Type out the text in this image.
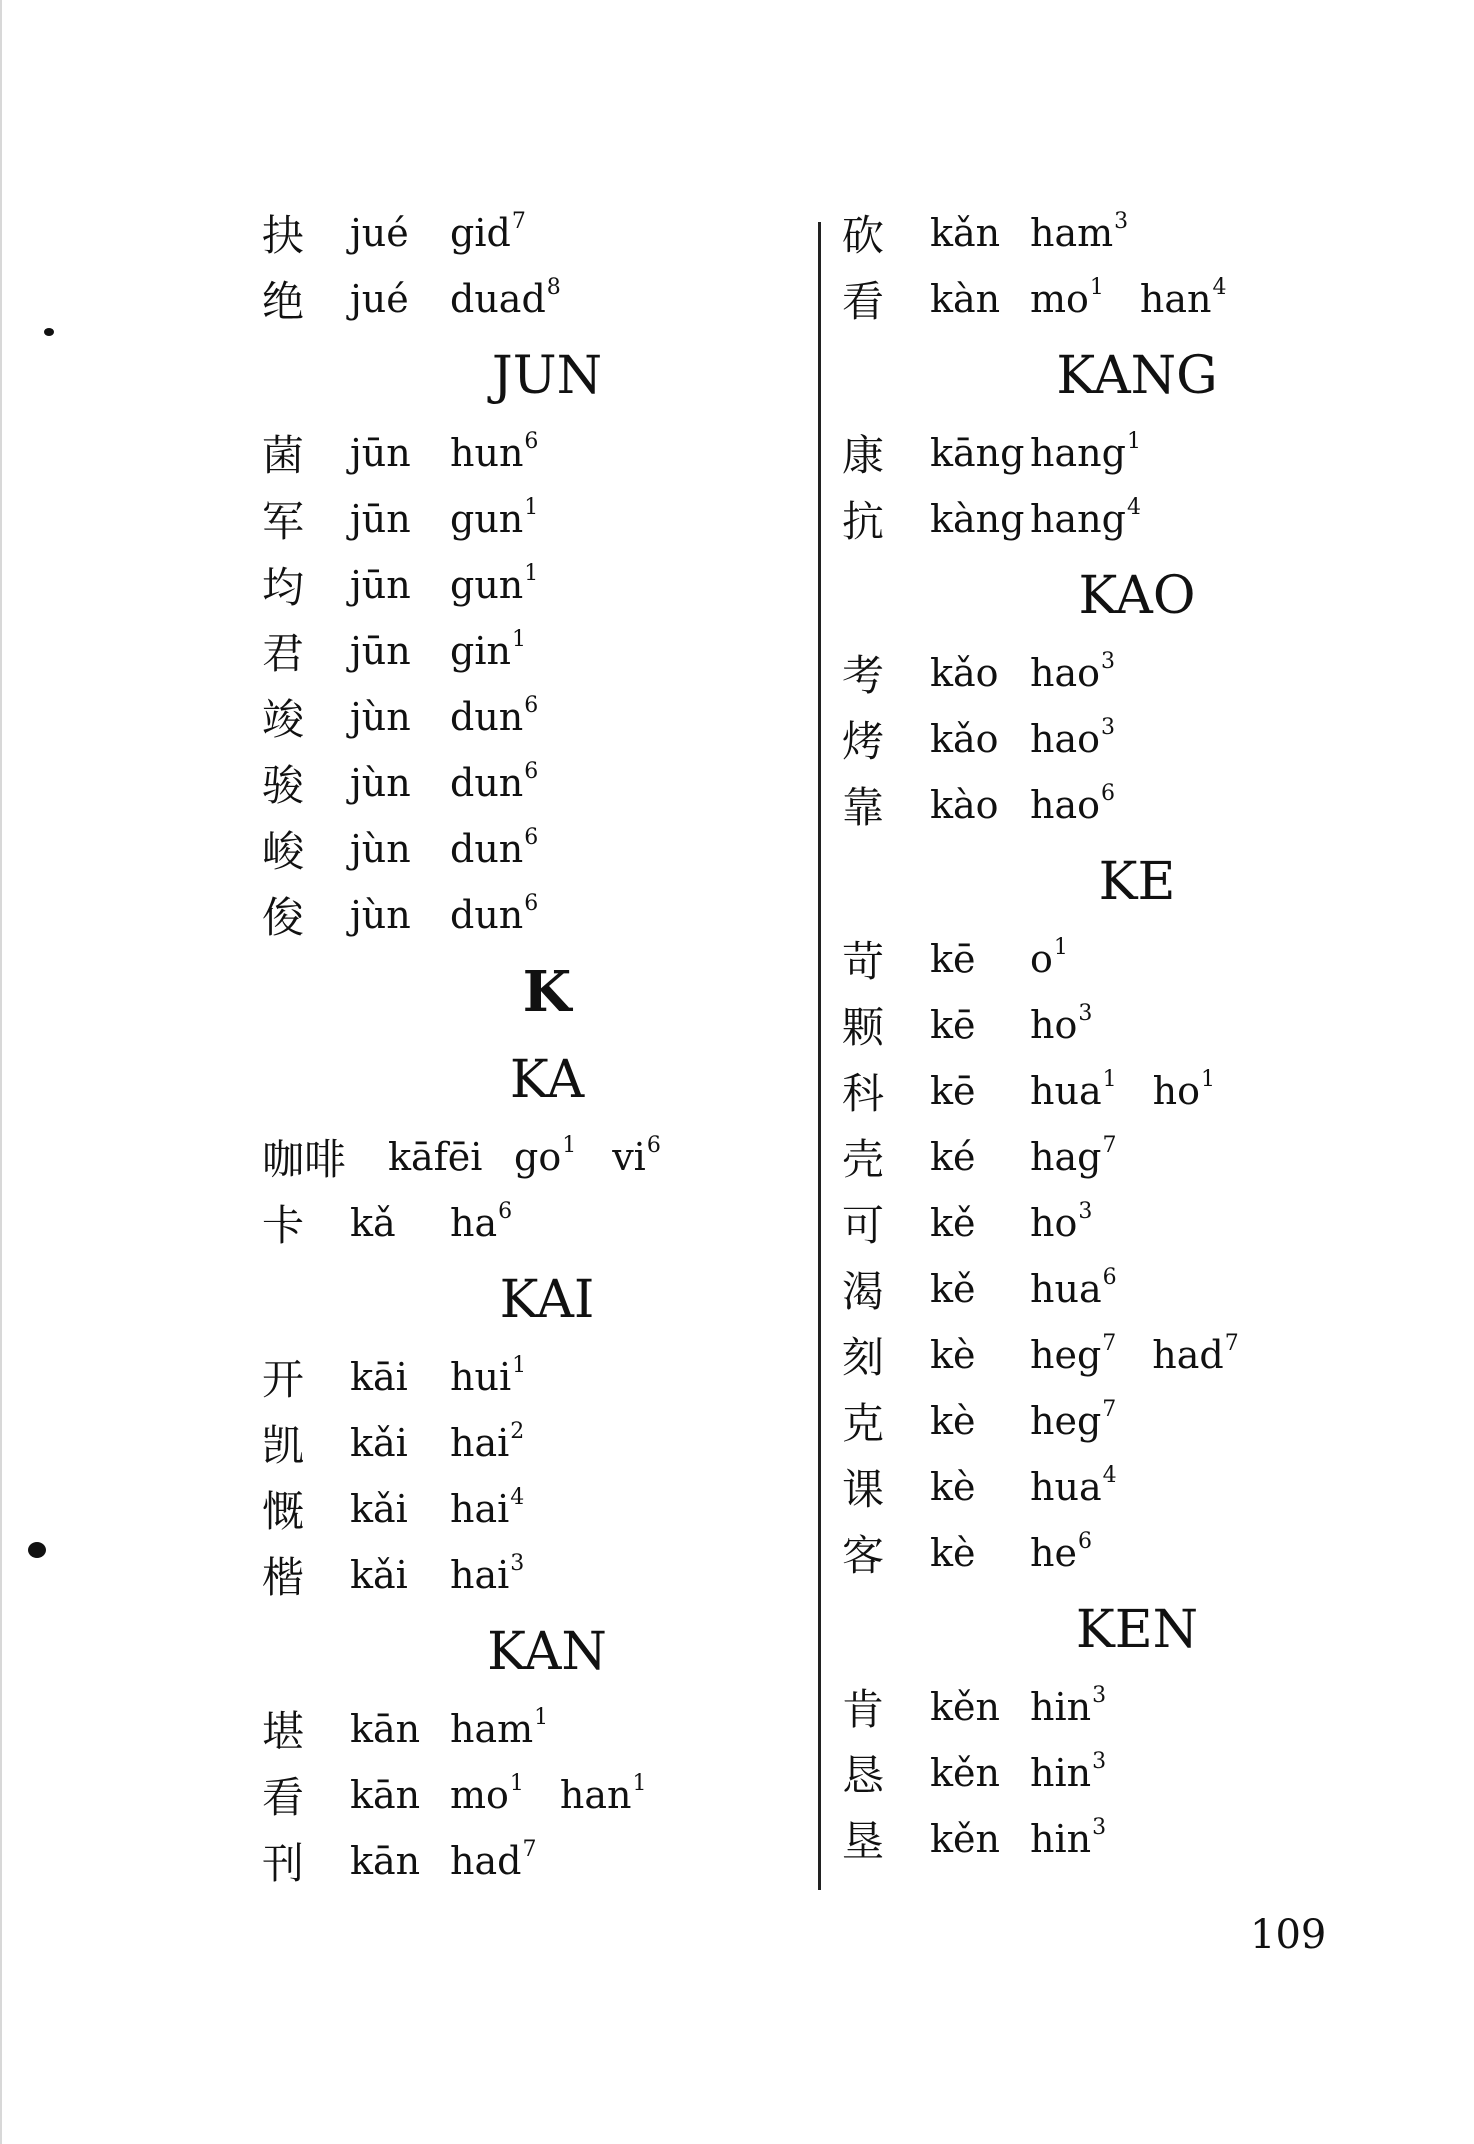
抉	jué	gid$^7$
绝	jué	duad$^8$
JUN
菌	jūn	hun$^6$
军	jūn	gun$^1$
均	jūn	gun$^1$
君	jūn	gin$^1$
竣	jùn	dun$^6$
骏	jùn	dun$^6$
峻	jùn	dun$^6$
俊	jùn	dun$^6$
K
KA
咖啡	kāfēi $go^1$ $vi^6$
卡	kǎ	$ha^6$
KAI
开	kāi	hui$^1$
凯	kǎi	hai$^2$
慨	kǎi	hai$^4$
楷	kǎi	hai$^3$
KAN
堪	kān ham$^1$
看	kān $mo^1$ han$^1$
刊	kān had$^7$
砍	kǎn ham$^3$
看	kàn $mo^1$ han$^4$
KANG
康	kāng hang$^1$
抗	kàng hang$^4$
KAO
考	kǎo hao$^3$
烤	kǎo hao$^3$
靠	kào hao$^6$
KE
苛	kē	$o^1$
颗	kē	$ho^3$
科	kē	hua$^1$ $ho^1$
壳	ké	hag$^7$
可	kě	$ho^3$
渴	kě	hua$^6$
刻	kè	heg$^7$ had$^7$
克	kè	heg$^7$
课	kè	hua$^4$
客	kè	$he^6$
KEN
肯	kěn hin$^3$
恳	kěn hin$^3$
垦	kěn hin$^3$
109
